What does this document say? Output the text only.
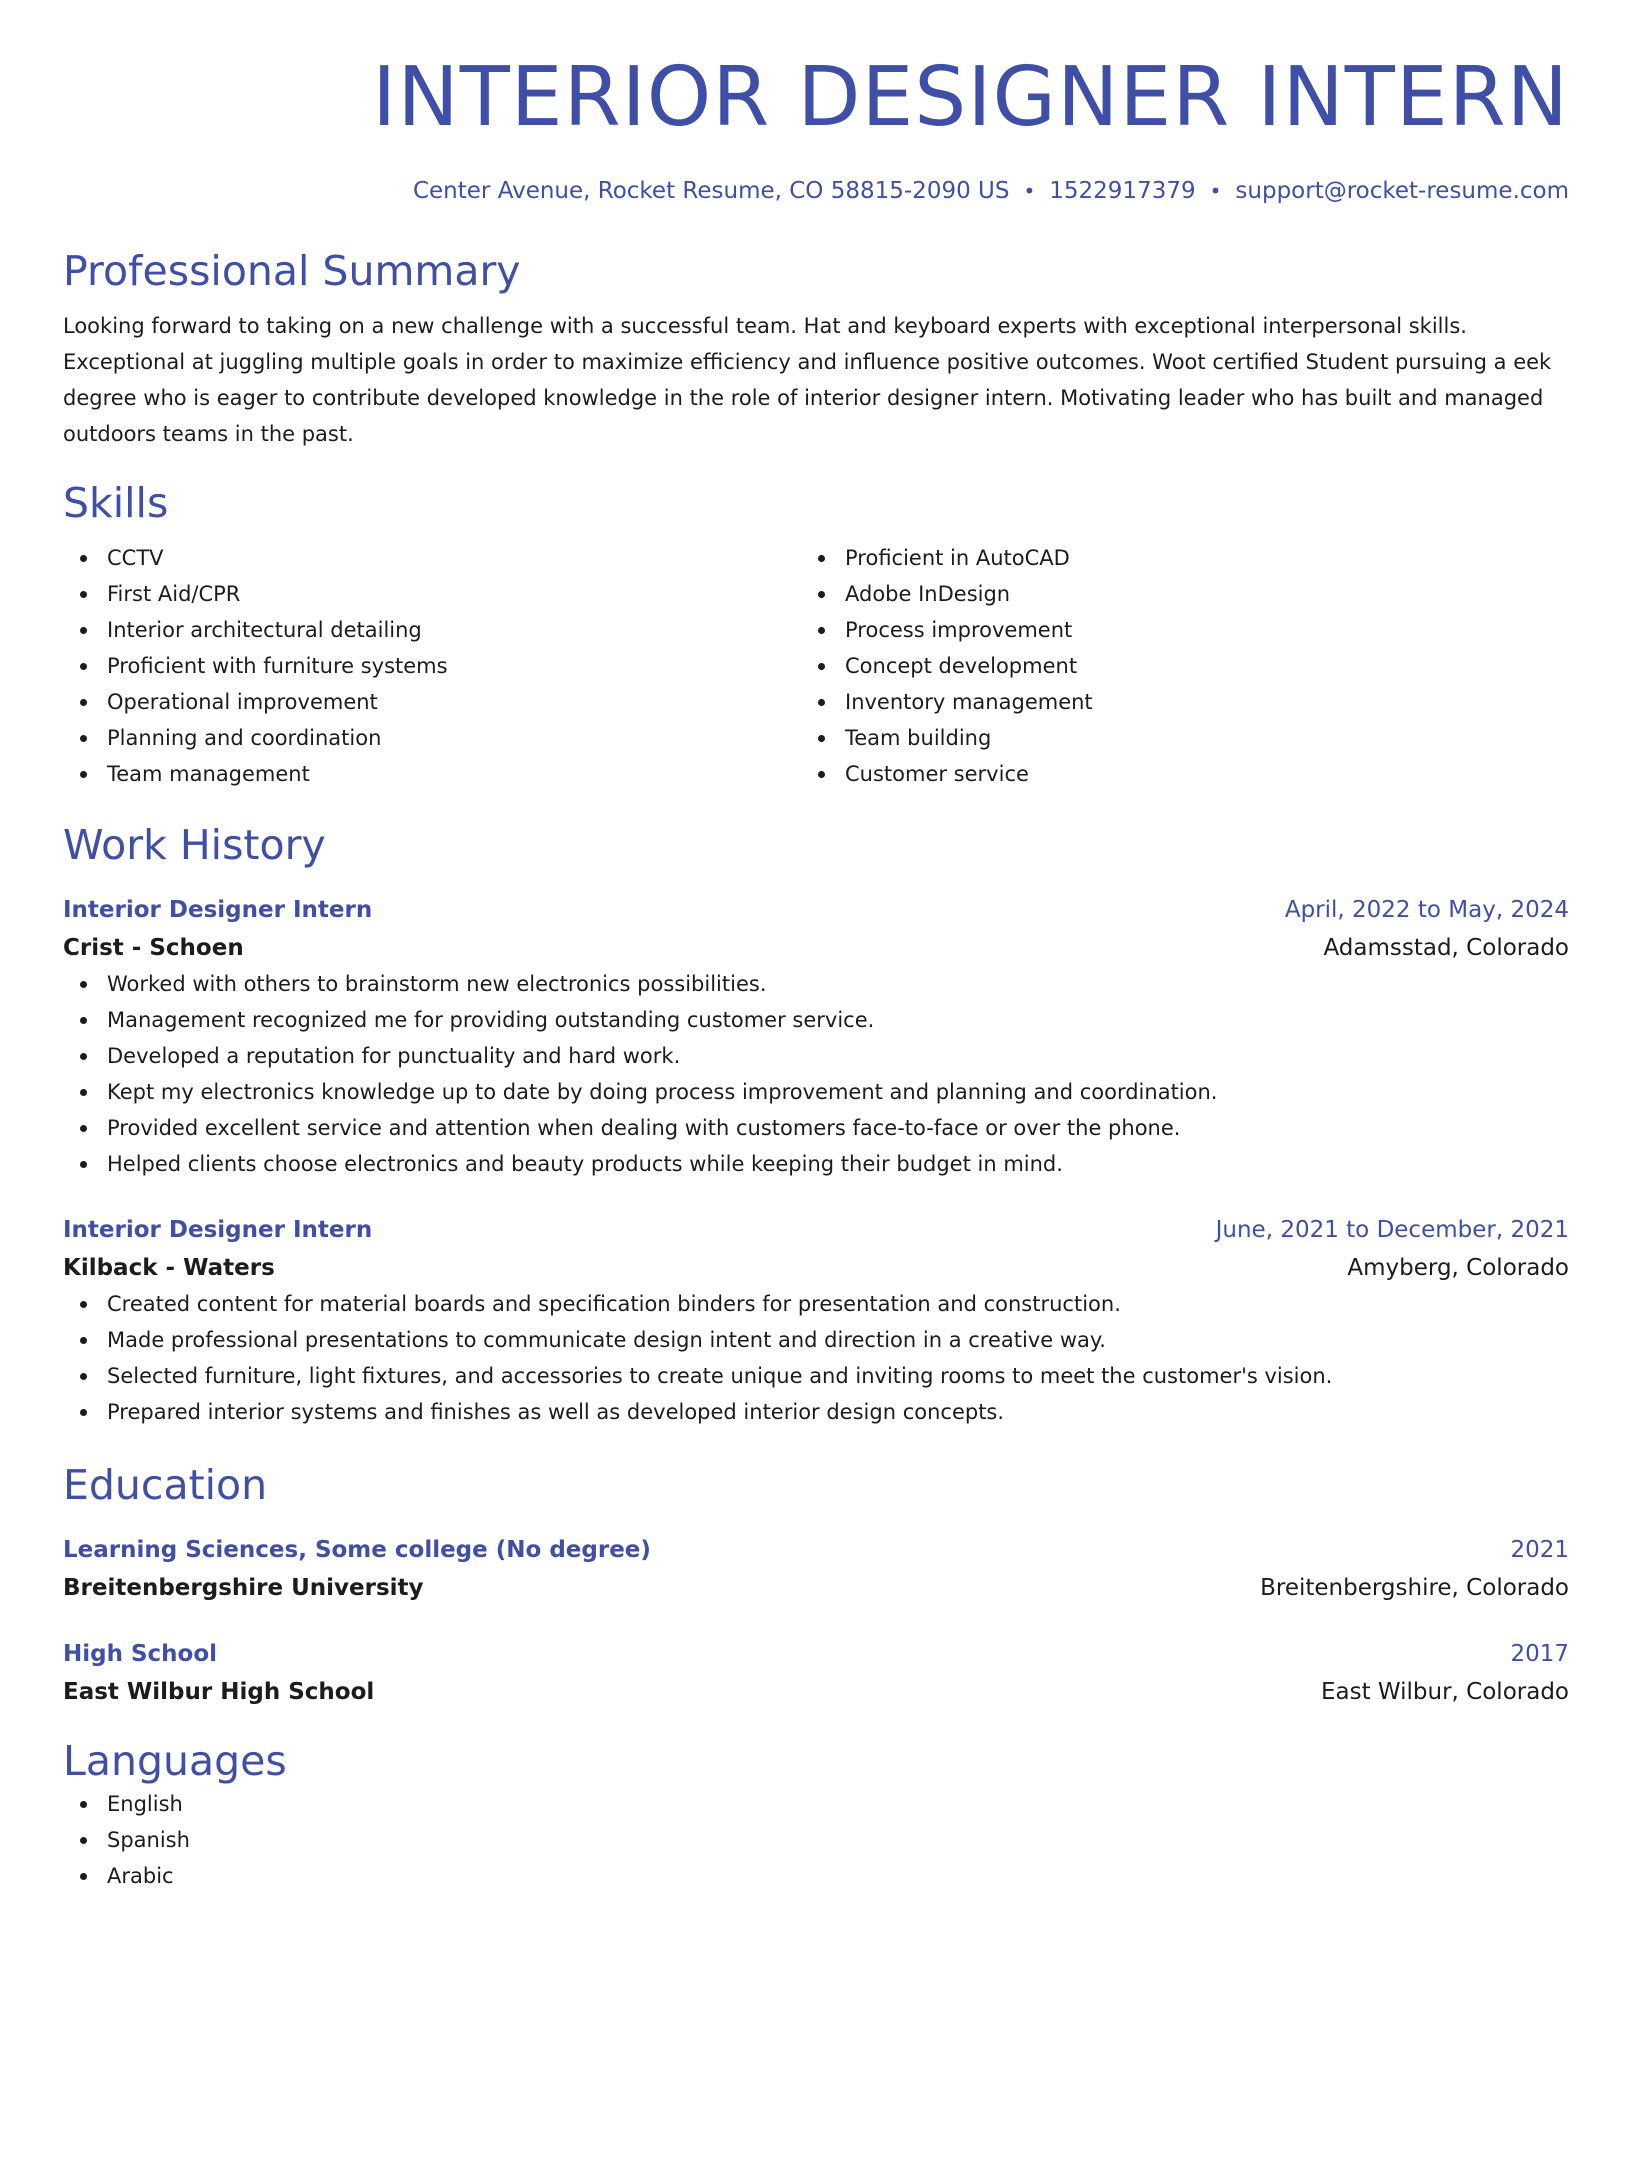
INTERIOR DESIGNER INTERN
Center Avenue, Rocket Resume, CO 58815-2090 US • 1522917379 • support@rocket-resume.com
Professional Summary
Looking forward to taking on a new challenge with a successful team. Hat and keyboard experts with exceptional interpersonal skills. Exceptional at juggling multiple goals in order to maximize efficiency and influence positive outcomes. Woot certified Student pursuing a eek degree who is eager to contribute developed knowledge in the role of interior designer intern. Motivating leader who has built and managed outdoors teams in the past.
Skills
CCTV
First Aid/CPR
Interior architectural detailing
Proficient with furniture systems
Operational improvement
Planning and coordination
Team management
Proficient in AutoCAD
Adobe InDesign
Process improvement
Concept development
Inventory management
Team building
Customer service
Work History
Interior Designer Intern	April, 2022 to May, 2024
Crist - Schoen	Adamsstad, Colorado
Worked with others to brainstorm new electronics possibilities.
Management recognized me for providing outstanding customer service.
Developed a reputation for punctuality and hard work.
Kept my electronics knowledge up to date by doing process improvement and planning and coordination.
Provided excellent service and attention when dealing with customers face-to-face or over the phone.
Helped clients choose electronics and beauty products while keeping their budget in mind.
Interior Designer Intern	June, 2021 to December, 2021
Kilback - Waters	Amyberg, Colorado
Created content for material boards and specification binders for presentation and construction.
Made professional presentations to communicate design intent and direction in a creative way.
Selected furniture, light fixtures, and accessories to create unique and inviting rooms to meet the customer's vision.
Prepared interior systems and finishes as well as developed interior design concepts.
Education
Learning Sciences, Some college (No degree)	2021
Breitenbergshire University	Breitenbergshire, Colorado
High School	2017
East Wilbur High School	East Wilbur, Colorado
Languages
English
Spanish
Arabic
